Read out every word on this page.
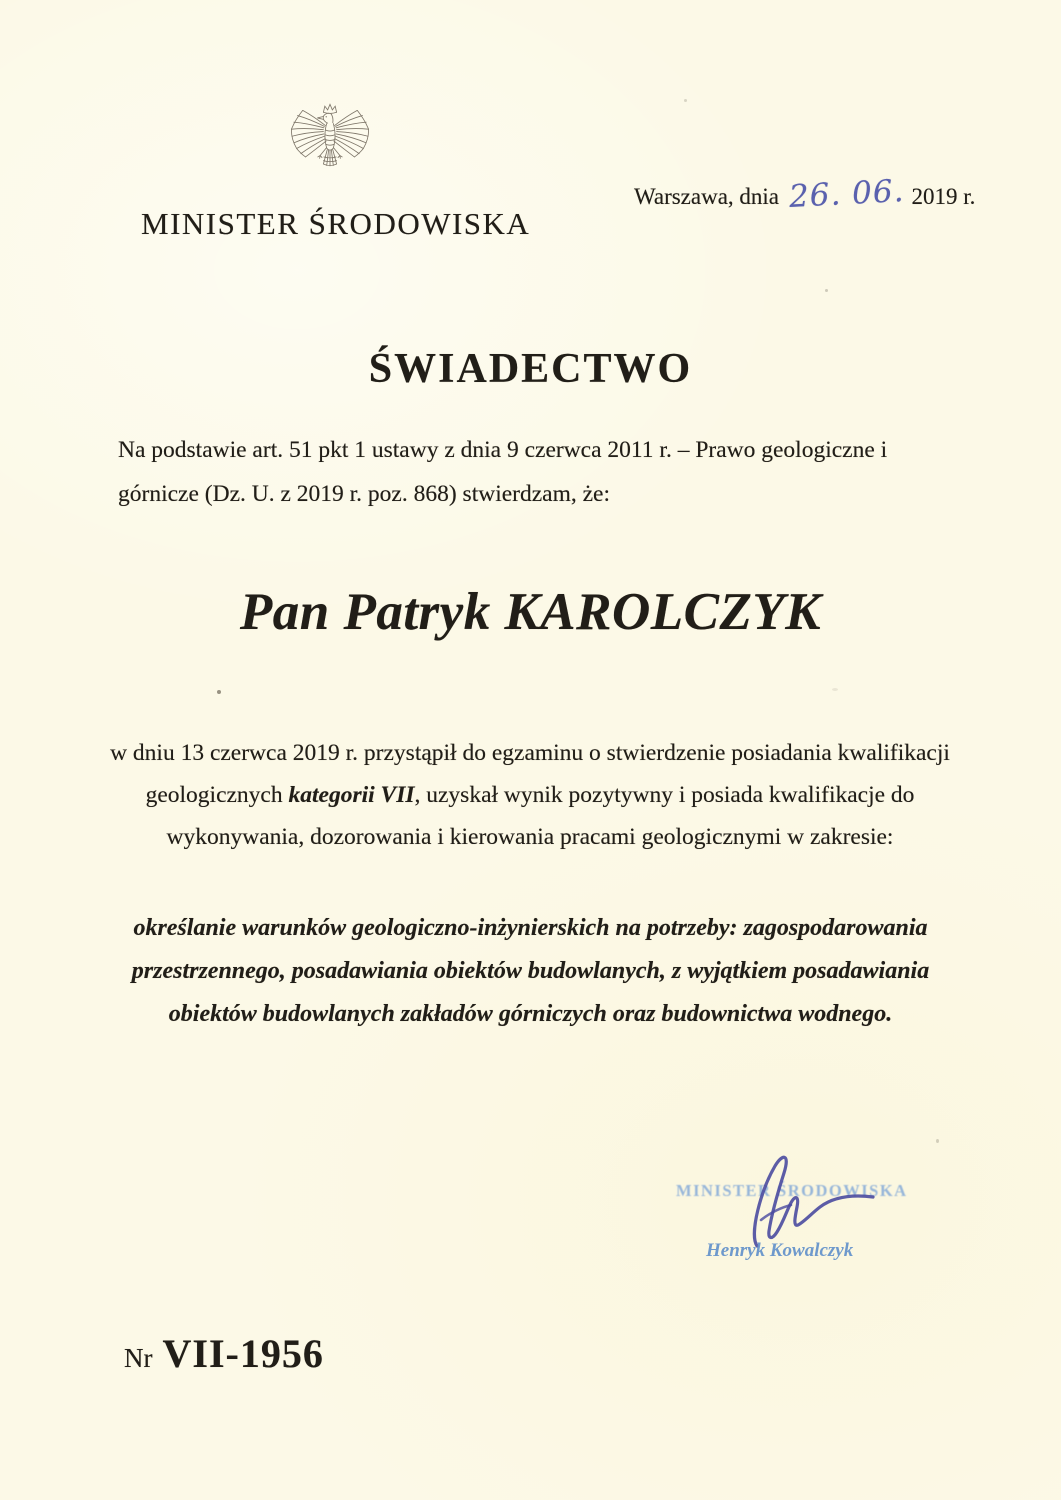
MINISTER ŚRODOWISKA
Warszawa, dnia 26. 06. 2019 r.
ŚWIADECTWO

Na podstawie art. 51 pkt 1 ustawy z dnia 9 czerwca 2011 r. – Prawo geologiczne i górnicze (Dz. U. z 2019 r. poz. 868) stwierdzam, że:

Pan Patryk KAROLCZYK

w dniu 13 czerwca 2019 r. przystąpił do egzaminu o stwierdzenie posiadania kwalifikacji geologicznych kategorii VII, uzyskał wynik pozytywny i posiada kwalifikacje do wykonywania, dozorowania i kierowania pracami geologicznymi w zakresie:

określanie warunków geologiczno-inżynierskich na potrzeby: zagospodarowania przestrzennego, posadawiania obiektów budowlanych, z wyjątkiem posadawiania obiektów budowlanych zakładów górniczych oraz budownictwa wodnego.

MINISTER ŚRODOWISKA
Henryk Kowalczyk
Nr VII-1956
